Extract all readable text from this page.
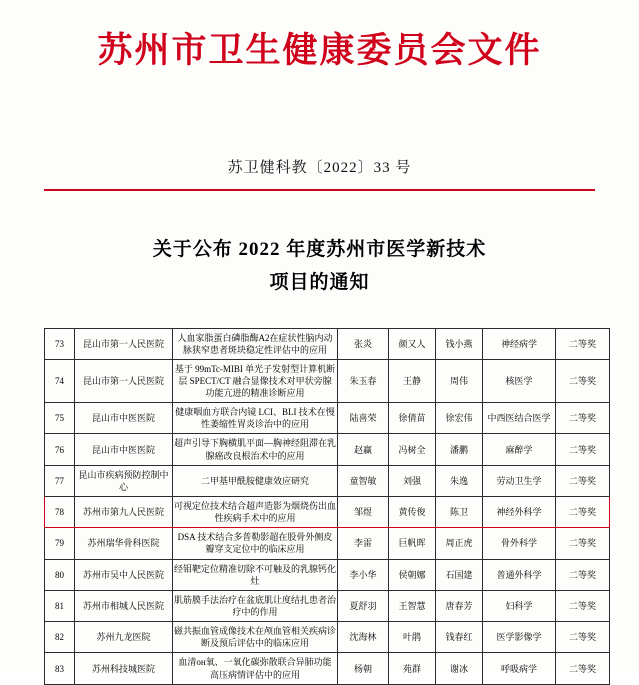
苏州市卫生健康委员会文件
苏卫健科教〔2022〕33 号
关于公布 2022 年度苏州市医学新技术
项目的通知
73	昆山市第一人民医院	人血家脂蛋白磷脂酶A2在症状性脑内动脉狭窄患者斑块稳定性评估中的应用	张炎	颜又人	钱小燕	神经病学	二等奖
74	昆山市第一人民医院	基于 99mTc-MIBI 单光子发射型计算机断层 SPECT/CT 融合显像技术对甲状旁腺功能亢进的精准诊断应用	朱玉春	王静	周伟	核医学	二等奖
75	昆山市中医医院	健康咽血方联合内镜 LCI、BLI 技术在慢性萎缩性胃炎诊治中的应用	陆喜荣	徐倩苗	徐宏伟	中西医结合医学	二等奖
76	昆山市中医医院	超声引导下胸横肌平面—胸神经阻滞在乳腺癌改良根治术中的应用	赵赢	冯树全	潘鹏	麻醉学	二等奖
77	昆山市疾病预防控制中心	二甲基甲酰胺健康效应研究	童智敏	刘强	朱逸	劳动卫生学	二等奖
78	苏州市第九人民医院	可视定位技术结合超声造影为烟烧伤出血性疾病手术中的应用	邹煜	黄传俊	陈卫	神经外科学	二等奖
79	苏州瑞华骨科医院	DSA 技术结合多普勒影超在股骨外侧皮瓣穿支定位中的临床应用	李雷	巨帆晖	周正虎	骨外科学	二等奖
80	苏州市吴中人民医院	经钼靶定位精准切除不可触及的乳腺钙化灶	李小华	侯朝娜	石国建	普通外科学	二等奖
81	苏州市相城人民医院	肌筋膜手法治疗在盆底肌让度结扎患者治疗中的作用	夏舒羽	王智慧	唐春芳	妇科学	二等奖
82	苏州九龙医院	磁共振血管成像技术在颅血管相关疾病诊断及预后评估中的临床应用	沈海林	叶鹃	钱春红	医学影像学	二等奖
83	苏州科技城医院	血清он氧、一氧化碳弥散联合异肺功能高压病情评估中的应用	杨朝	苑群	谢冰	呼吸病学	二等奖
